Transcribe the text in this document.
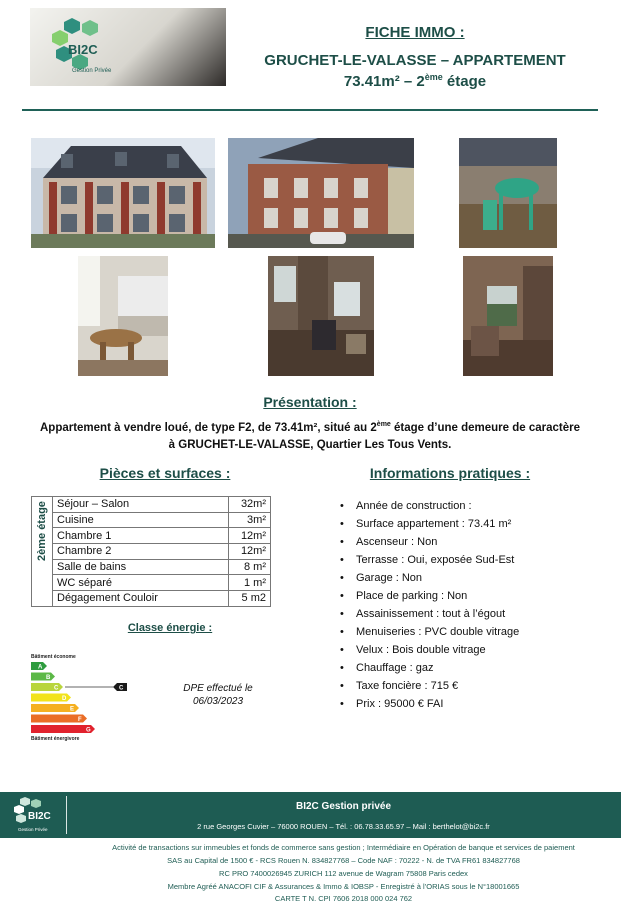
BI2C
Gestion Privée
FICHE IMMO :
GRUCHET-LE-VALASSE – APPARTEMENT
73.41m² – 2ème étage
Présentation :
Appartement à vendre loué, de type F2, de 73.41m², situé au 2ème étage d’une demeure de caractère
à GRUCHET-LE-VALASSE, Quartier Les Tous Vents.
Pièces et surfaces :
2ème étage	Séjour – Salon	32m²
	Cuisine	3m²
	Chambre 1	12m²
	Chambre 2	12m²
	Salle de bains	8 m²
	WC séparé	1 m²
	Dégagement Couloir	5 m2
Classe énergie :
Bâtiment économe
A
B
C
D
E
F
G
C
Bâtiment énergivore
DPE effectué le
06/03/2023
Informations pratiques :
• Année de construction :
• Surface appartement : 73.41 m²
• Ascenseur : Non
• Terrasse : Oui, exposée Sud-Est
• Garage : Non
• Place de parking : Non
• Assainissement : tout à l’égout
• Menuiseries : PVC double vitrage
• Velux : Bois double vitrage
• Chauffage : gaz
• Taxe foncière : 715 €
• Prix : 95000 € FAI
BI2C
Gestion Privée
BI2C Gestion privée
2 rue Georges Cuvier – 76000 ROUEN – Tél. : 06.78.33.65.97 – Mail : berthelot@bi2c.fr
Activité de transactions sur immeubles et fonds de commerce sans gestion ; Intermédiaire en Opération de banque et services de paiement
SAS au Capital de 1500 € - RCS Rouen N. 834827768 – Code NAF : 70222 - N. de TVA FR61 834827768
RC PRO 7400026945 ZURICH 112 avenue de Wagram 75808 Paris cedex
Membre Agréé ANACOFI CIF & Assurances & Immo & IOBSP - Enregistré à l’ORIAS sous le N°18001665
CARTE T N. CPI 7606 2018 000 024 762
